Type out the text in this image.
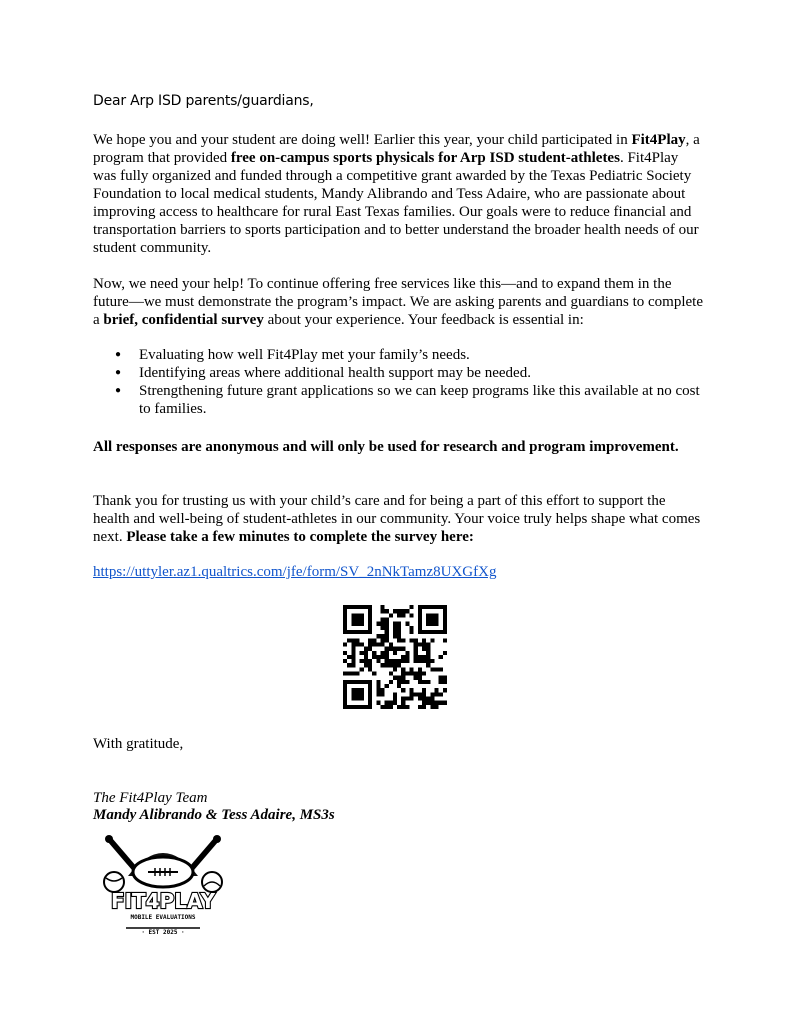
Dear Arp ISD parents/guardians,
We hope you and your student are doing well! Earlier this year, your child participated in Fit4Play, a program that provided free on-campus sports physicals for Arp ISD student-athletes. Fit4Play was fully organized and funded through a competitive grant awarded by the Texas Pediatric Society Foundation to local medical students, Mandy Alibrando and Tess Adaire, who are passionate about improving access to healthcare for rural East Texas families. Our goals were to reduce financial and transportation barriers to sports participation and to better understand the broader health needs of our student community.
Now, we need your help! To continue offering free services like this—and to expand them in the future—we must demonstrate the program’s impact. We are asking parents and guardians to complete a brief, confidential survey about your experience. Your feedback is essential in:
● Evaluating how well Fit4Play met your family’s needs.
● Identifying areas where additional health support may be needed.
● Strengthening future grant applications so we can keep programs like this available at no cost to families.
All responses are anonymous and will only be used for research and program improvement.
Thank you for trusting us with your child’s care and for being a part of this effort to support the health and well-being of student-athletes in our community. Your voice truly helps shape what comes next. Please take a few minutes to complete the survey here:
https://uttyler.az1.qualtrics.com/jfe/form/SV_2nNkTamz8UXGfXg
With gratitude,
The Fit4Play Team
Mandy Alibrando & Tess Adaire, MS3s
★ ★ ★
FIT4PLAY
MOBILE EVALUATIONS
· EST 2025 ·
